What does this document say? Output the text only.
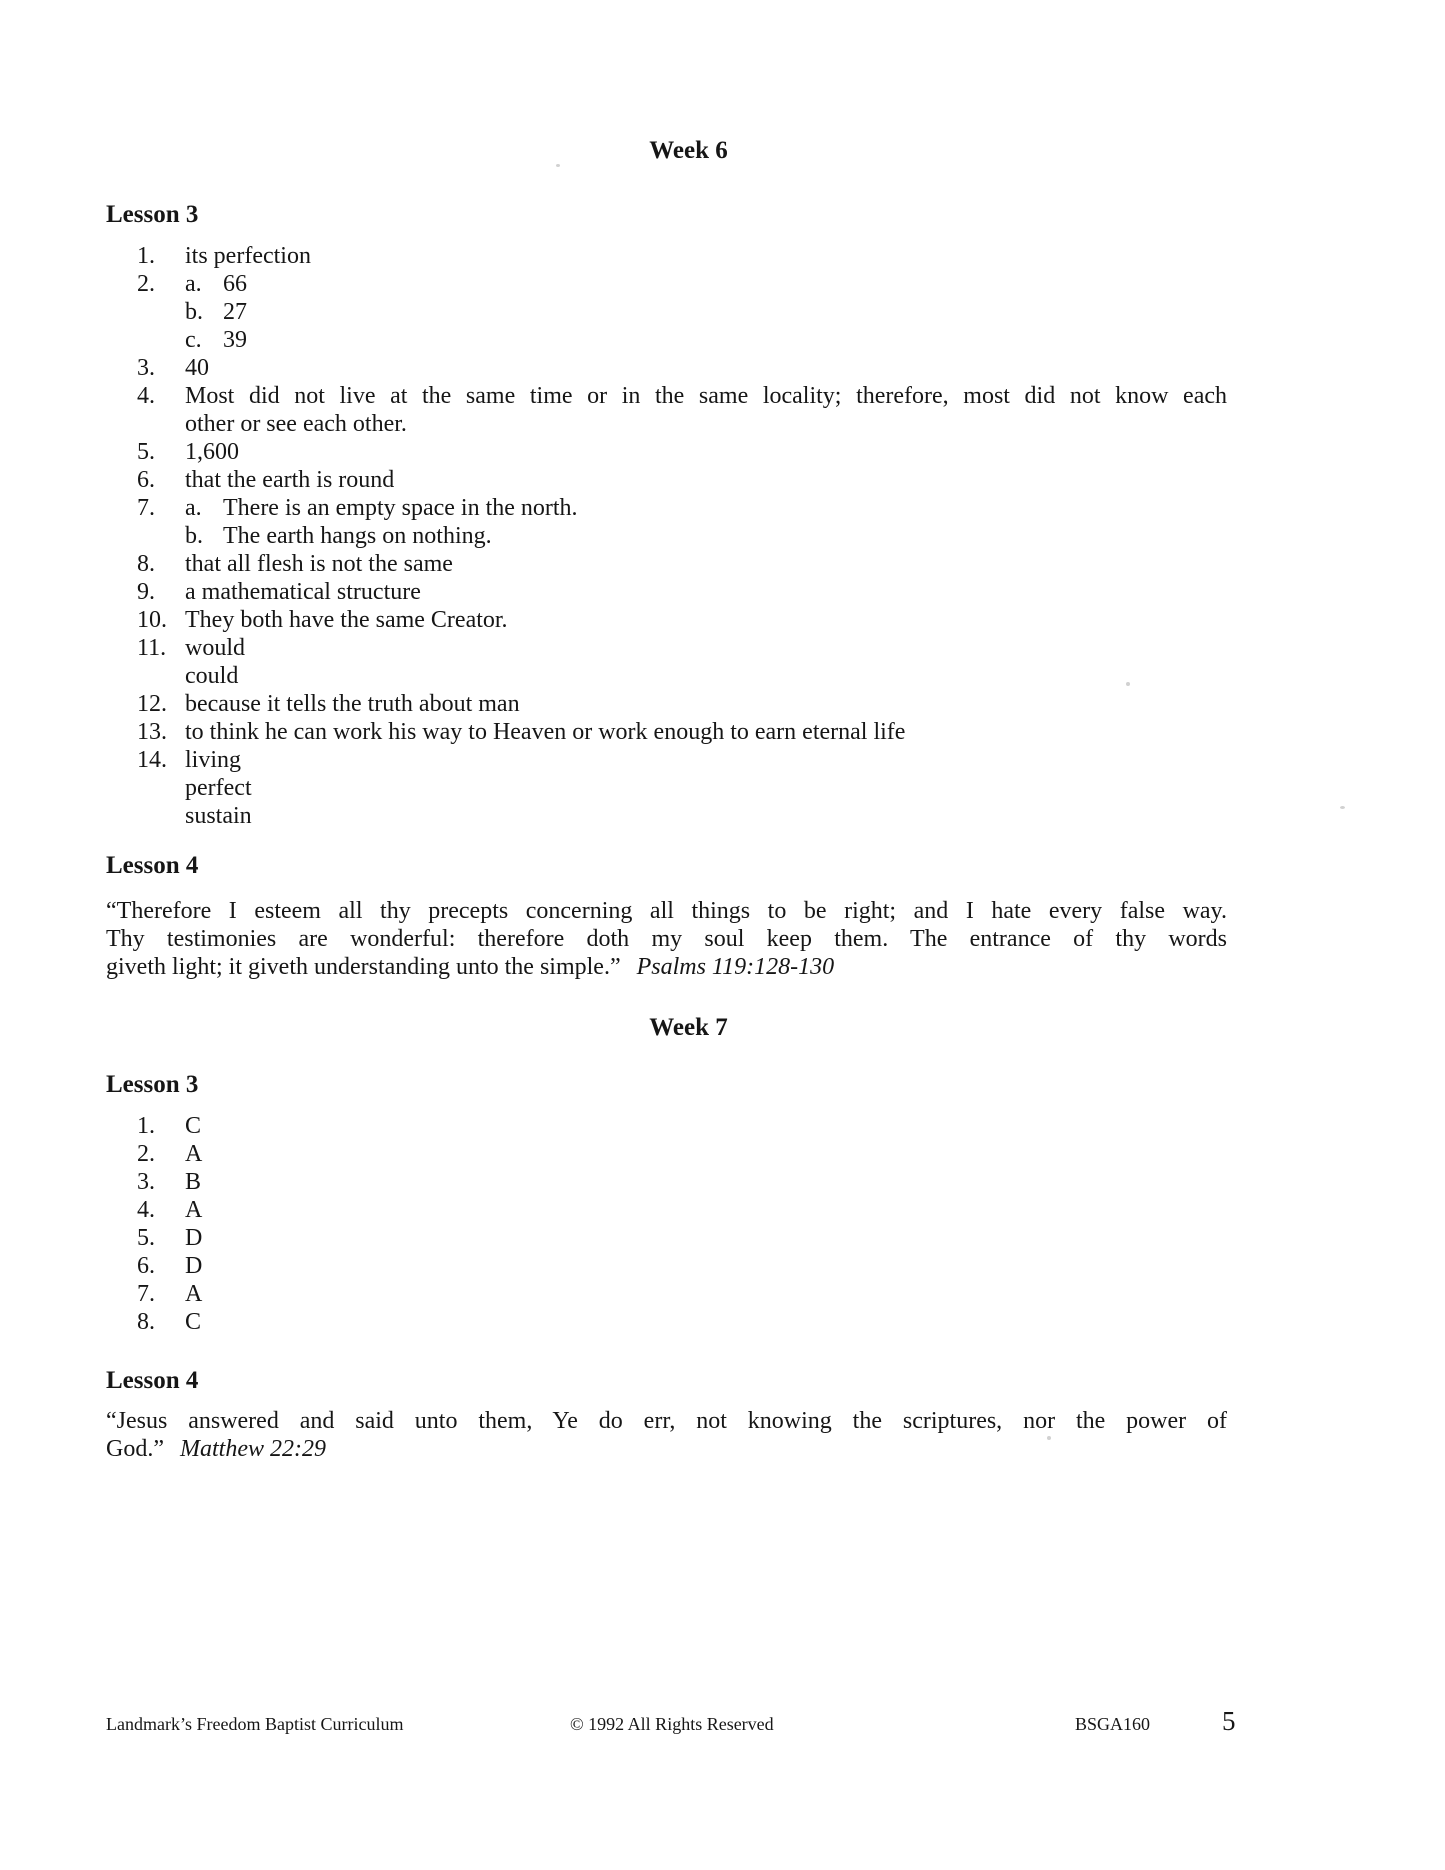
Week 6
Lesson 3
1.	its perfection
2.	a. 66
b. 27
c. 39
3.	40
4.	Most did not live at the same time or in the same locality; therefore, most did not know each
other or see each other.
5.	1,600
6.	that the earth is round
7.	a. There is an empty space in the north.
b. The earth hangs on nothing.
8.	that all flesh is not the same
9.	a mathematical structure
10. They both have the same Creator.
11. would
could
12. because it tells the truth about man
13. to think he can work his way to Heaven or work enough to earn eternal life
14. living
perfect
sustain
Lesson 4
“Therefore I esteem all thy precepts concerning all things to be right; and I hate every false way.
Thy testimonies are wonderful: therefore doth my soul keep them. The entrance of thy words
giveth light; it giveth understanding unto the simple.” Psalms 119:128-130
Week 7
Lesson 3
1.	C
2.	A
3.	B
4.	A
5.	D
6.	D
7.	A
8.	C
Lesson 4
“Jesus answered and said unto them, Ye do err, not knowing the scriptures, nor the power of
God.” Matthew 22:29
Landmark’s Freedom Baptist Curriculum	© 1992 All Rights Reserved	BSGA160	5
